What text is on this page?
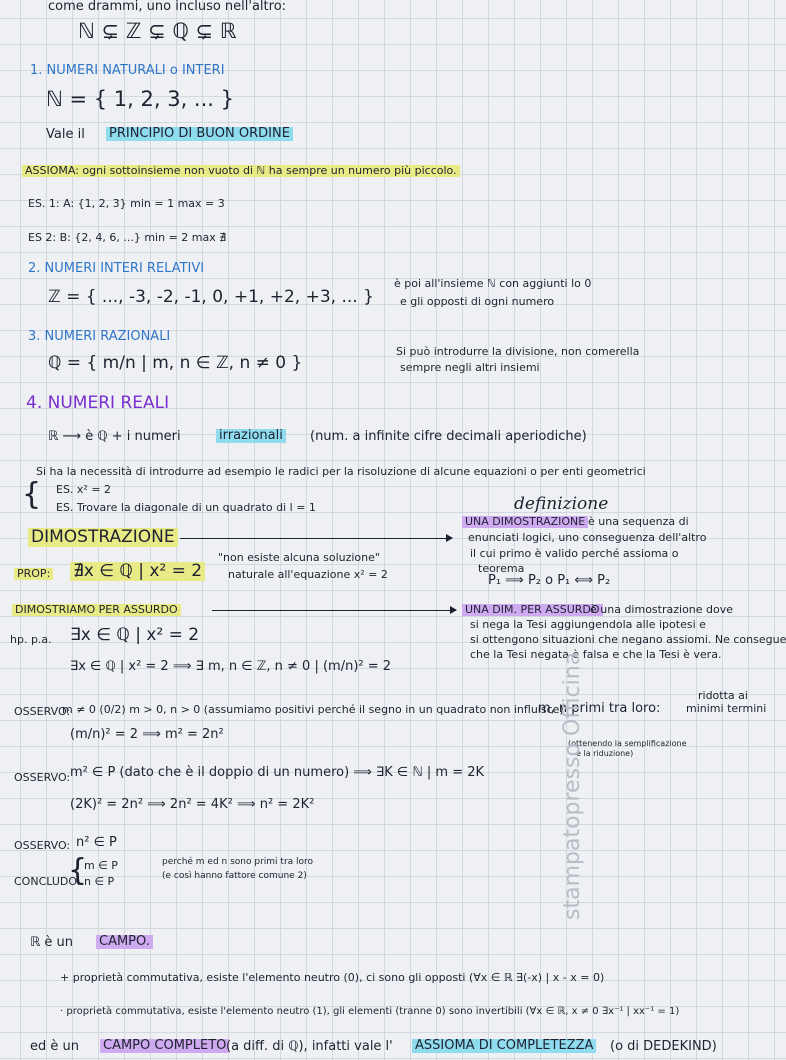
come drammi, uno incluso nell'altro:
ℕ ⊊ ℤ ⊊ ℚ ⊊ ℝ
1. NUMERI NATURALI o INTERI
ℕ = { 1, 2, 3, ... }
Vale il PRINCIPIO DI BUON ORDINE
ASSIOMA: ogni sottoinsieme non vuoto di ℕ ha sempre un numero più piccolo.
ES. 1: A: {1, 2, 3} min = 1 max = 3
ES 2: B: {2, 4, 6, ...} min = 2 max ∄
2. NUMERI INTERI RELATIVI
ℤ = { ..., -3, -2, -1, 0, +1, +2, +3, ... }
è poi all'insieme ℕ con aggiunti lo 0
e gli opposti di ogni numero
3. NUMERI RAZIONALI
ℚ = { m/n | m, n ∈ ℤ, n ≠ 0 }
Si può introdurre la divisione, non comerella
sempre negli altri insiemi
4. NUMERI REALI
ℝ ⟶ è ℚ + i numeri	irrazionali (num. a infinite cifre decimali aperiodiche)
Si ha la necessità di introdurre ad esempio le radici per la risoluzione di alcune equazioni o per enti geometrici
{ ES. x² = 2
ES. Trovare la diagonale di un quadrato di l = 1	definizione
DIMOSTRAZIONE
UNA DIMOSTRAZIONE è una sequenza di
enunciati logici, uno conseguenza dell'altro
il cui primo è valido perché assioma o
teorema
P₁ ⟹ P₂ o P₁ ⟺ P₂
PROP: ∄x ∈ ℚ | x² = 2
"non esiste alcuna soluzione"
naturale all'equazione x² = 2
DIMOSTRIAMO PER ASSURDO	UNA DIM. PER ASSURDO
è una dimostrazione dove
si nega la Tesi aggiungendola alle ipotesi e
si ottengono situazioni che negano assiomi. Ne consegue
che la Tesi negata è falsa e che la Tesi è vera.
hp. p.a. ∃x ∈ ℚ | x² = 2
∃x ∈ ℚ | x² = 2 ⟹ ∃ m, n ∈ ℤ, n ≠ 0 | (m/n)² = 2
OSSERVO:
m ≠ 0 (0/2) m > 0, n > 0 (assumiamo positivi perché il segno in un quadrato non influisce)
m, n primi tra loro:
ridotta ai
minimi termini
(m/n)² = 2 ⟹ m² = 2n²
(ottenendo la semplificazione
e la riduzione)
OSSERVO: m² ∈ P (dato che è il doppio di un numero) ⟹ ∃K ∈ ℕ | m = 2K
(2K)² = 2n² ⟹ 2n² = 4K² ⟹ n² = 2K²
OSSERVO: n² ∈ P
CONCLUDO:
{
m ∈ P
n ∈ P
perché m ed n sono primi tra loro
(e così hanno fattore comune 2)
ℝ è un CAMPO.
+ proprietà commutativa, esiste l'elemento neutro (0), ci sono gli opposti (∀x ∈ ℝ ∃(-x) | x - x = 0)
· proprietà commutativa, esiste l'elemento neutro (1), gli elementi (tranne 0) sono invertibili (∀x ∈ ℝ, x ≠ 0 ∃x⁻¹ | xx⁻¹ = 1)
ed è un CAMPO COMPLETO (a diff. di ℚ), infatti vale l' ASSIOMA DI COMPLETEZZA (o di DEDEKIND)
stampatopresso Officina
